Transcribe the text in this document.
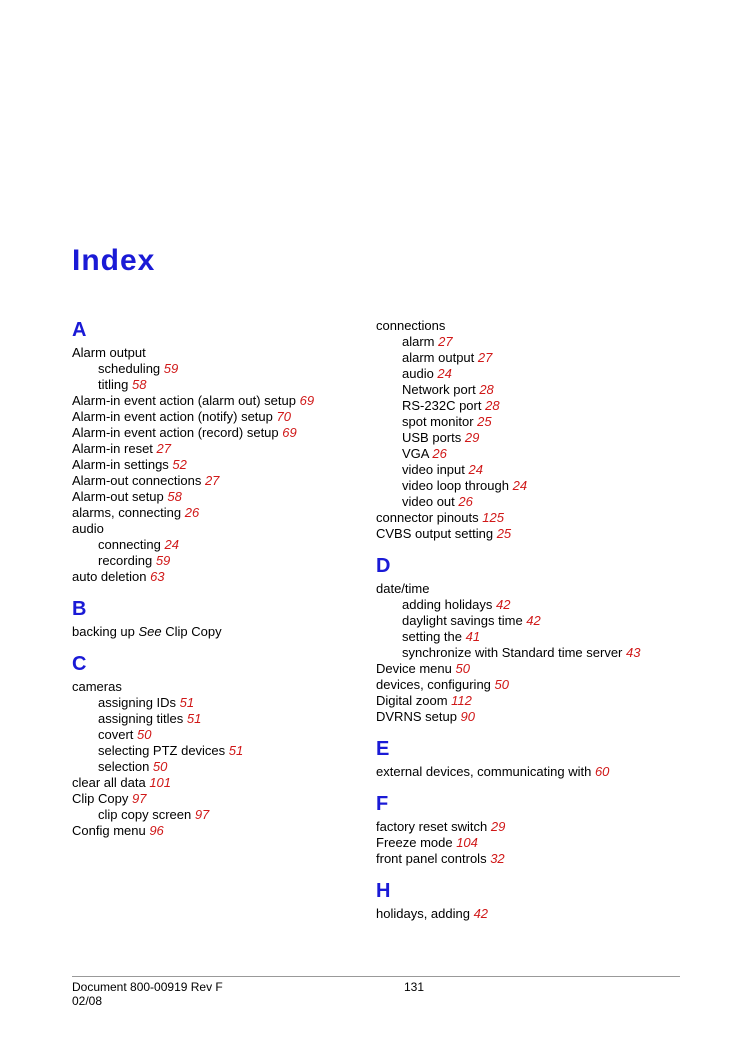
Index
A
Alarm output
scheduling 59
titling 58
Alarm-in event action (alarm out) setup 69
Alarm-in event action (notify) setup 70
Alarm-in event action (record) setup 69
Alarm-in reset 27
Alarm-in settings 52
Alarm-out connections 27
Alarm-out setup 58
alarms, connecting 26
audio
connecting 24
recording 59
auto deletion 63
B
backing up See Clip Copy
C
cameras
assigning IDs 51
assigning titles 51
covert 50
selecting PTZ devices 51
selection 50
clear all data 101
Clip Copy 97
clip copy screen 97
Config menu 96
connections
alarm 27
alarm output 27
audio 24
Network port 28
RS-232C port 28
spot monitor 25
USB ports 29
VGA 26
video input 24
video loop through 24
video out 26
connector pinouts 125
CVBS output setting 25
D
date/time
adding holidays 42
daylight savings time 42
setting the 41
synchronize with Standard time server 43
Device menu 50
devices, configuring 50
Digital zoom 112
DVRNS setup 90
E
external devices, communicating with 60
F
factory reset switch 29
Freeze mode 104
front panel controls 32
H
holidays, adding 42
Document 800-00919 Rev F
02/08
131
